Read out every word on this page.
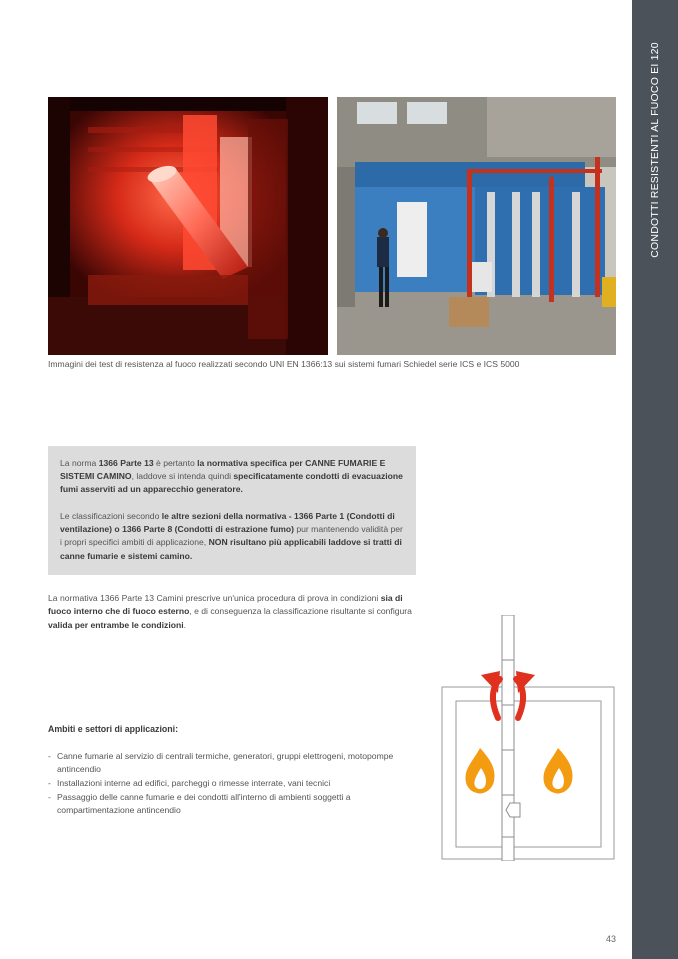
CONDOTTI RESISTENTI AL FUOCO EI 120
Immagini dei test di resistenza al fuoco realizzati secondo UNI EN 1366:13 sui sistemi fumari Schiedel serie ICS e ICS 5000

La norma 1366 Parte 13 è pertanto la normativa specifica per CANNE FUMARIE E SISTEMI CAMINO, laddove si intenda quindi specificatamente condotti di evacuazione fumi asserviti ad un apparecchio generatore.

Le classificazioni secondo le altre sezioni della normativa - 1366 Parte 1 (Condotti di ventilazione) o 1366 Parte 8 (Condotti di estrazione fumo) pur mantenendo validità per i propri specifici ambiti di applicazione, NON risultano più applicabili laddove si tratti di canne fumarie e sistemi camino.

La normativa 1366 Parte 13 Camini prescrive un'unica procedura di prova in condizioni sia di fuoco interno che di fuoco esterno, e di conseguenza la classificazione risultante si configura valida per entrambe le condizioni.

Ambiti e settori di applicazioni:

- Canne fumarie al servizio di centrali termiche, generatori, gruppi elettrogeni, motopompe antincendio
- Installazioni interne ad edifici, parcheggi o rimesse interrate, vani tecnici
- Passaggio delle canne fumarie e dei condotti all'interno di ambienti soggetti a compartimentazione antincendio
43
